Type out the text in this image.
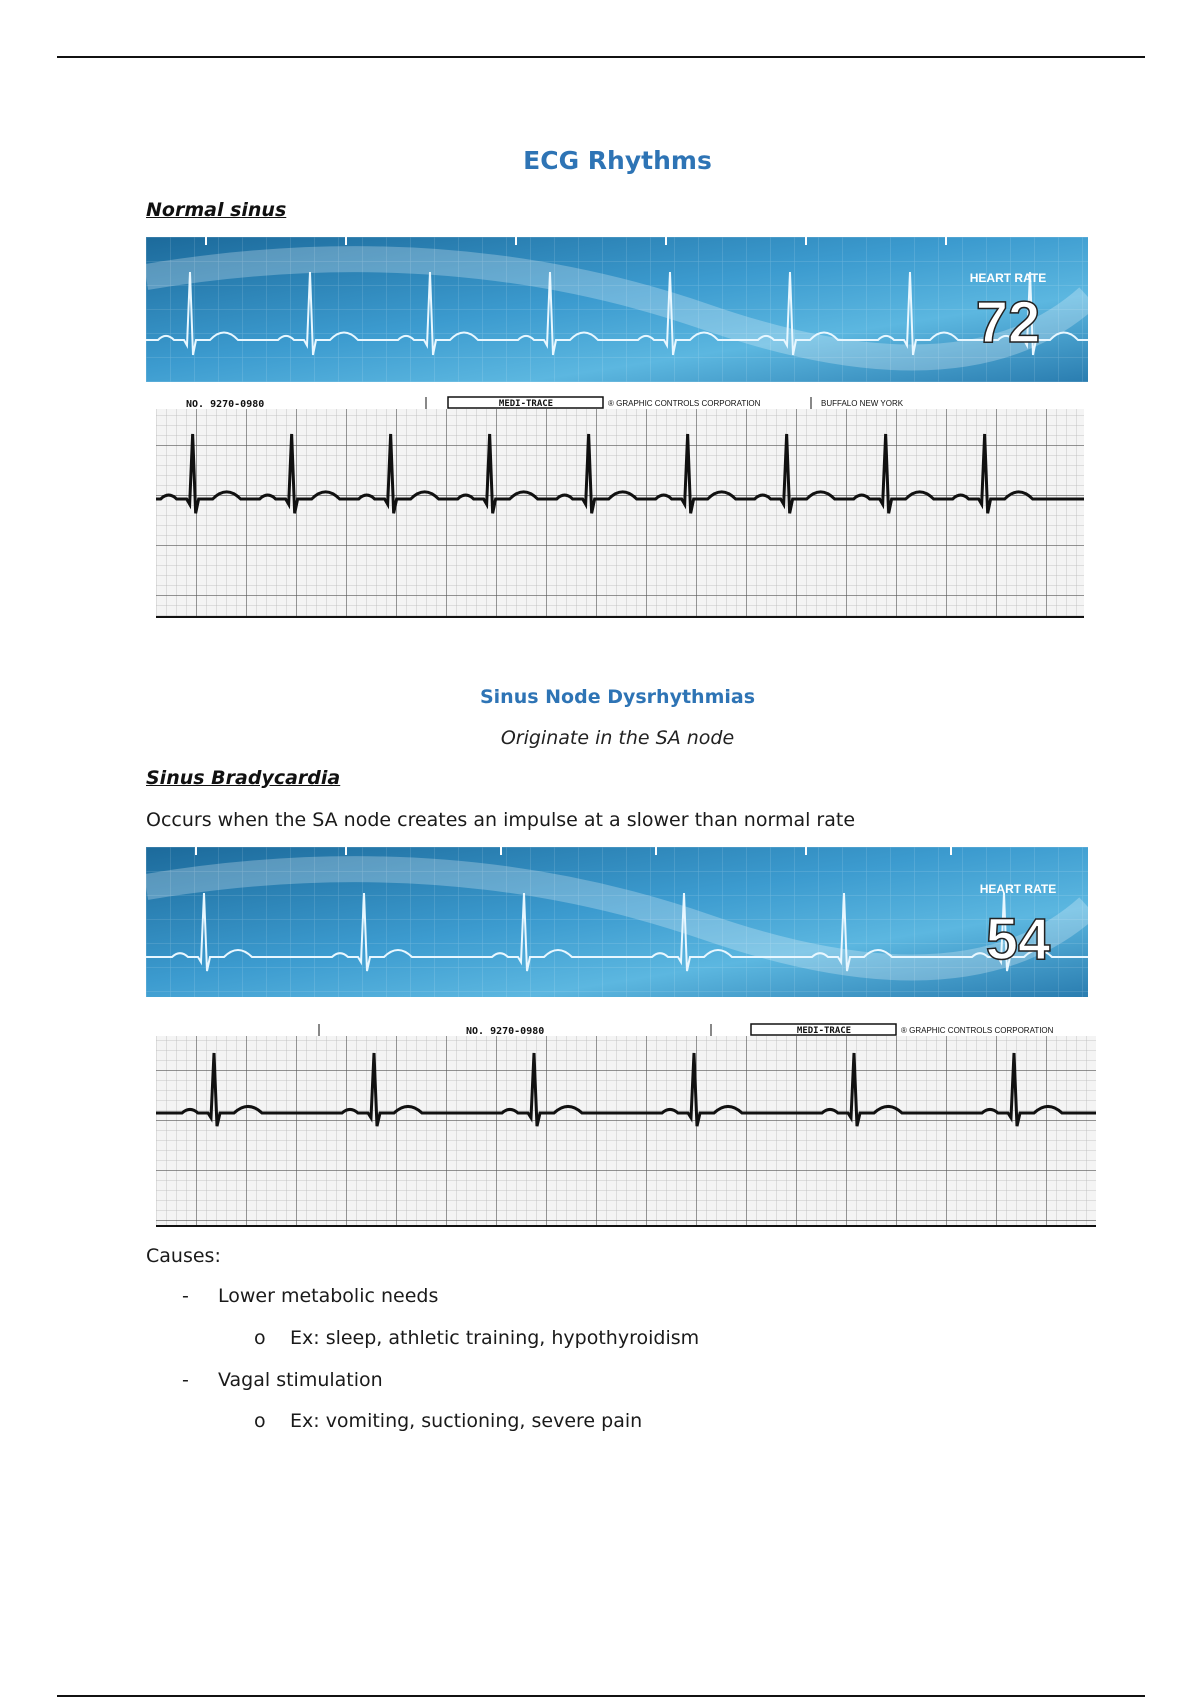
ECG Rhythms
Normal sinus
HEART RATE
72
NO. 9270-0980	MEDI-TRACE	® GRAPHIC CONTROLS CORPORATION	BUFFALO NEW YORK
Sinus Node Dysrhythmias
Originate in the SA node
Sinus Bradycardia
Occurs when the SA node creates an impulse at a slower than normal rate
HEART RATE
54
NO. 9270-0980	MEDI-TRACE	® GRAPHIC CONTROLS CORPORATION
Causes:
- Lower metabolic needs
o Ex: sleep, athletic training, hypothyroidism
- Vagal stimulation
o Ex: vomiting, suctioning, severe pain
